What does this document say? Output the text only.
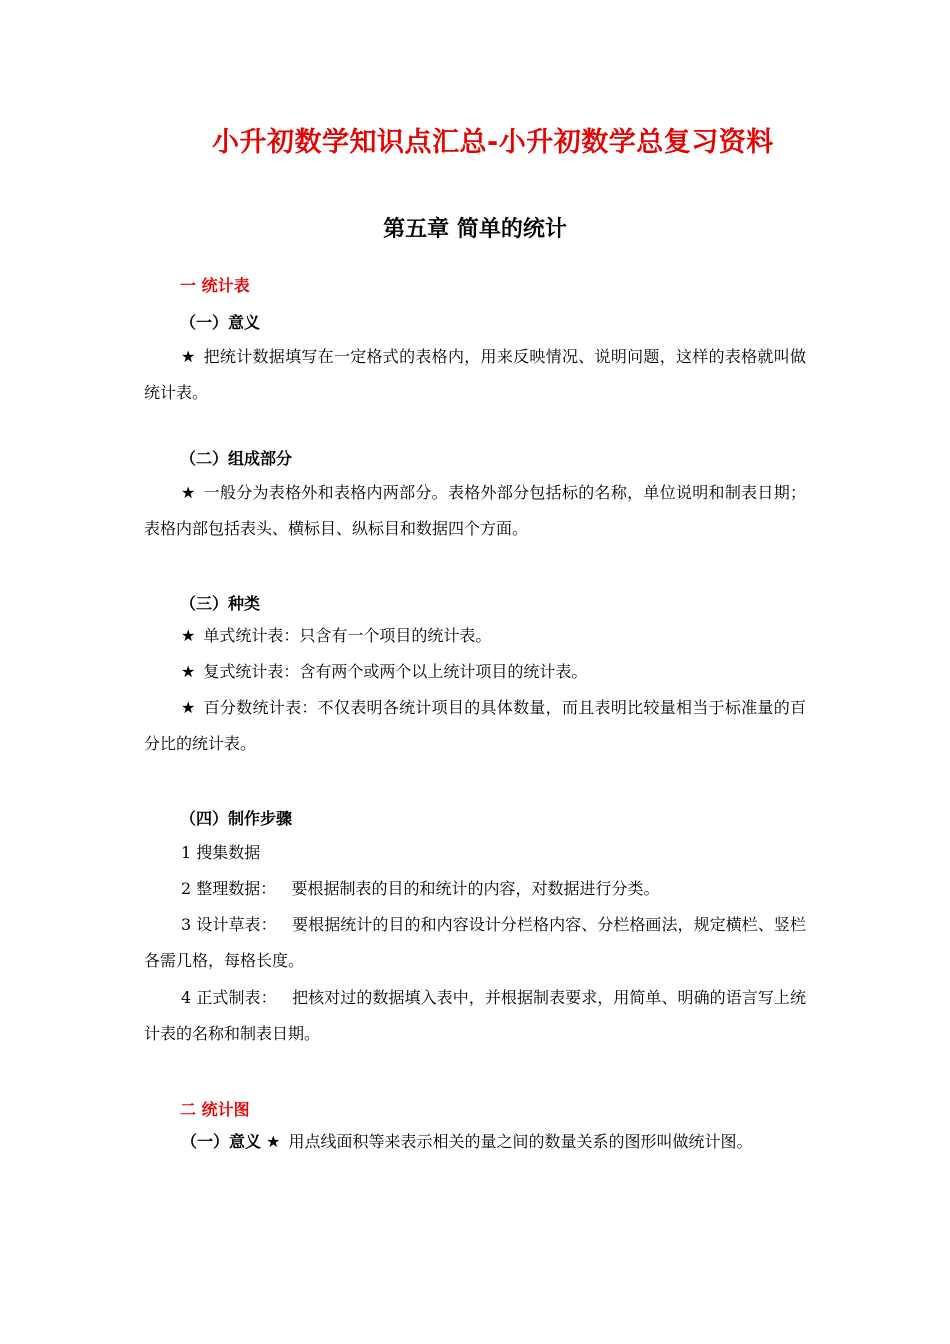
小升初数学知识点汇总-小升初数学总复习资料
第五章 简单的统计
一 统计表
（一）意义
★ 把统计数据填写在一定格式的表格内，用来反映情况、说明问题，这样的表格就叫做统计表。
（二）组成部分
★ 一般分为表格外和表格内两部分。表格外部分包括标的名称，单位说明和制表日期；表格内部包括表头、横标目、纵标目和数据四个方面。
（三）种类
★ 单式统计表：只含有一个项目的统计表。
★ 复式统计表：含有两个或两个以上统计项目的统计表。
★ 百分数统计表：不仅表明各统计项目的具体数量，而且表明比较量相当于标准量的百分比的统计表。
（四）制作步骤
1 搜集数据
2 整理数据： 要根据制表的目的和统计的内容，对数据进行分类。
3 设计草表： 要根据统计的目的和内容设计分栏格内容、分栏格画法，规定横栏、竖栏各需几格，每格长度。
4 正式制表： 把核对过的数据填入表中，并根据制表要求，用简单、明确的语言写上统计表的名称和制表日期。
二 统计图
（一）意义 ★ 用点线面积等来表示相关的量之间的数量关系的图形叫做统计图。
